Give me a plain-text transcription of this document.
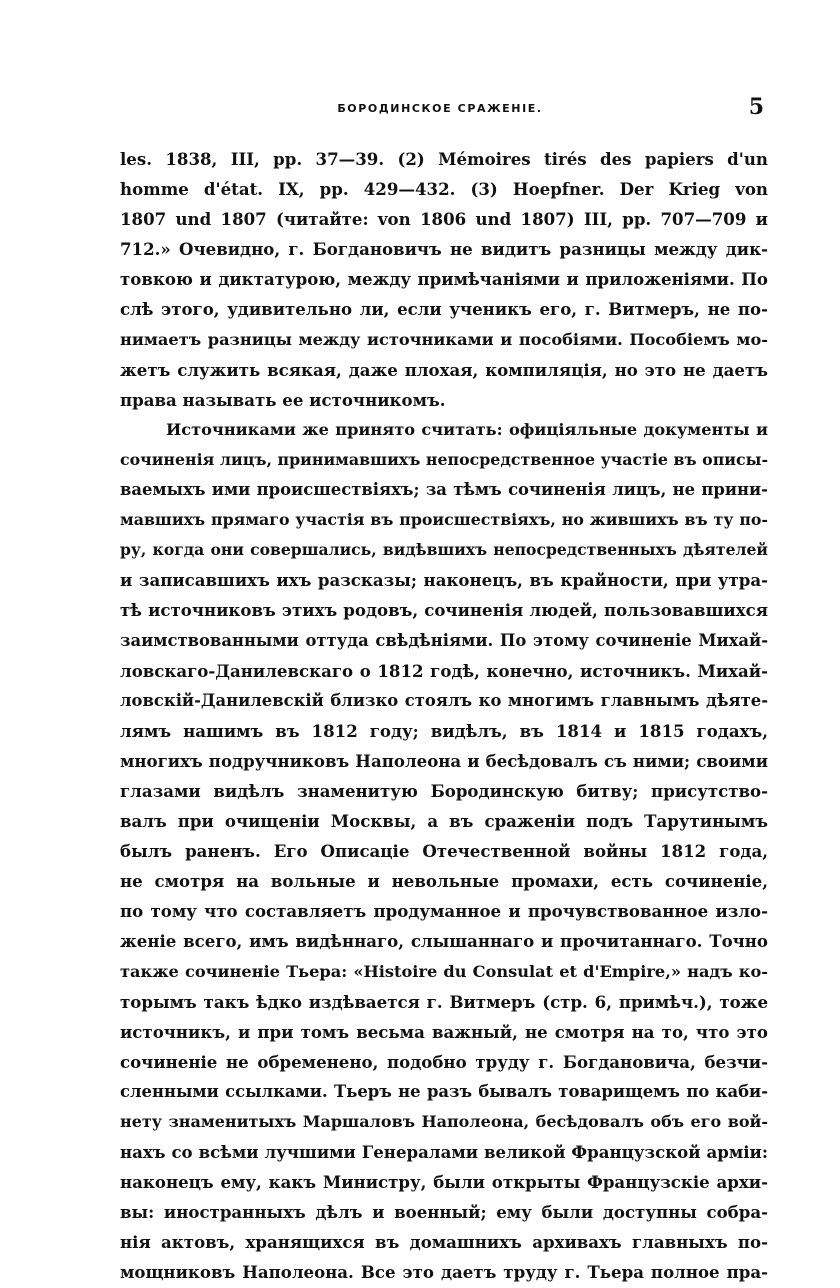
БОРОДИНСКОЕ СРАЖЕНІЕ.	5
les. 1838, III, pp. 37—39. (2) Mémoires tirés des papiers d'un
homme d'état. IX, pp. 429—432. (3) Hoepfner. Der Krieg von
1807 und 1807 (читайте: von 1806 und 1807) III, pp. 707—709 и
712.» Очевидно, г. Богдановичъ не видитъ разницы между дик-
товкою и диктатурою, между примѣчаніями и приложеніями. По
слѣ этого, удивительно ли, если ученикъ его, г. Витмеръ, не по-
нимаетъ разницы между источниками и пособіями. Пособіемъ мо-
жетъ служить всякая, даже плохая, компиляція, но это не даетъ
права называть ее источникомъ.
Источниками же принято считать: офиціяльные документы и
сочиненія лицъ, принимавшихъ непосредственное участіе въ описы-
ваемыхъ ими происшествіяхъ; за тѣмъ сочиненія лицъ, не прини-
мавшихъ прямаго участія въ происшествіяхъ, но жившихъ въ ту по-
ру, когда они совершались, видѣвшихъ непосредственныхъ дѣятелей
и записавшихъ ихъ разсказы; наконецъ, въ крайности, при утра-
тѣ источниковъ этихъ родовъ, сочиненія людей, пользовавшихся
заимствованными оттуда свѣдѣніями. По этому сочиненіе Михай-
ловскаго-Данилевскаго о 1812 годѣ, конечно, источникъ. Михай-
ловскій-Данилевскій близко стоялъ ко многимъ главнымъ дѣяте-
лямъ нашимъ въ 1812 году; видѣлъ, въ 1814 и 1815 годахъ,
многихъ подручниковъ Наполеона и бесѣдовалъ съ ними; своими
глазами видѣлъ знаменитую Бородинскую битву; присутство-
валъ при очищеніи Москвы, а въ сраженіи подъ Тарутинымъ
былъ раненъ. Его Описаціе Отечественной войны 1812 года,
не смотря на вольные и невольные промахи, есть сочиненіе,
по тому что составляетъ продуманное и прочувствованное изло-
женіе всего, имъ видѣннаго, слышаннаго и прочитаннаго. Точно
также сочиненіе Тьера: «Histoire du Consulat et d'Empire,» надъ ко-
торымъ такъ ѣдко издѣвается г. Витмеръ (стр. 6, примѣч.), тоже
источникъ, и при томъ весьма важный, не смотря на то, что это
сочиненіе не обременено, подобно труду г. Богдановича, безчи-
сленными ссылками. Тьеръ не разъ бывалъ товарищемъ по каби-
нету знаменитыхъ Маршаловъ Наполеона, бесѣдовалъ объ его вой-
нахъ со всѣми лучшими Генералами великой Французской арміи:
наконецъ ему, какъ Министру, были открыты Французскіе архи-
вы: иностранныхъ дѣлъ и военный; ему были доступны собра-
нія актовъ, хранящихся въ домашнихъ архивахъ главныхъ по-
мощниковъ Наполеона. Все это даетъ труду г. Тьера полное пра-
